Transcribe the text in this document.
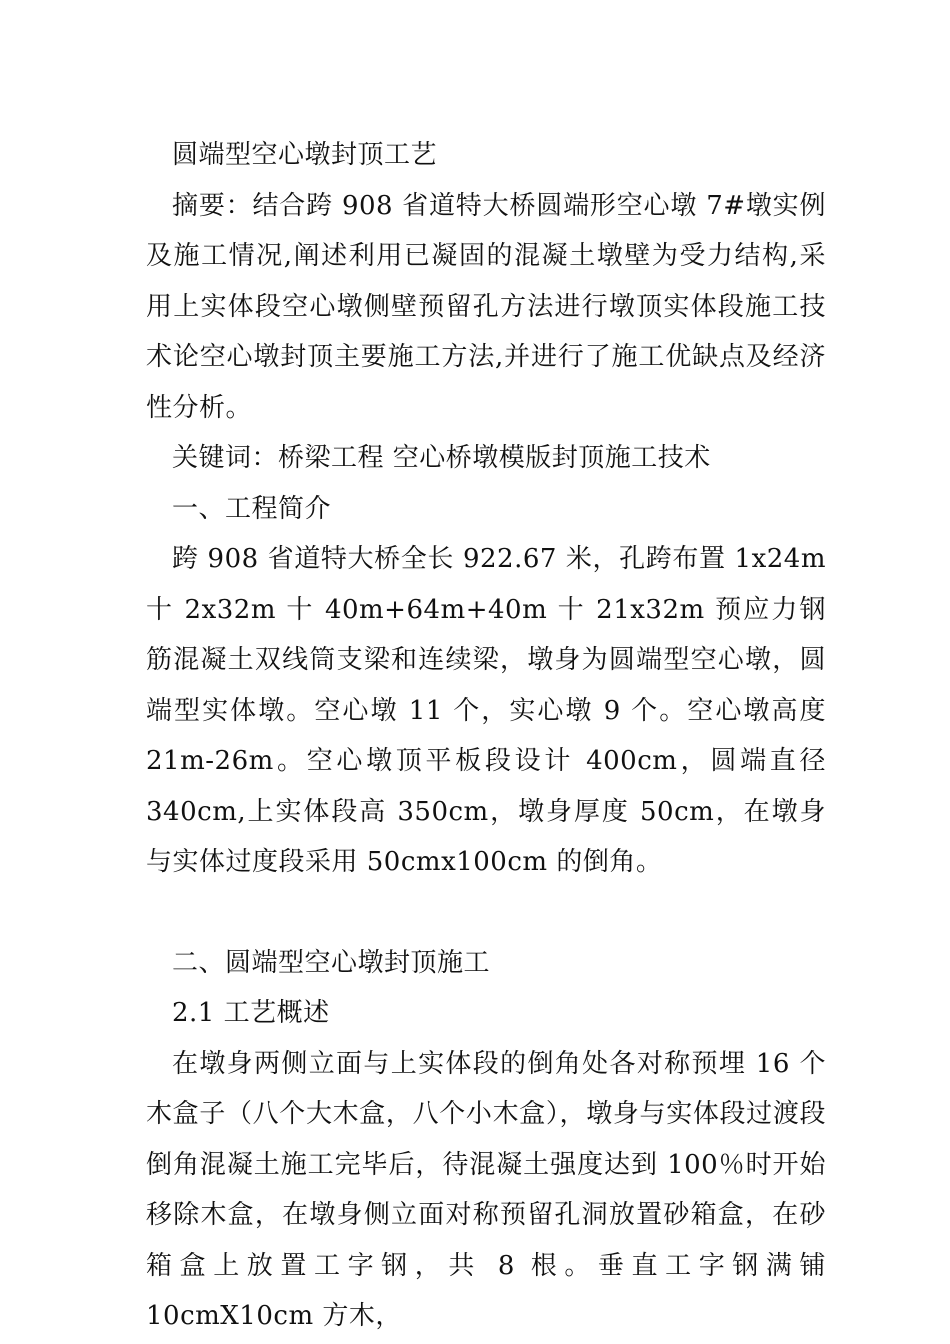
圆端型空心墩封顶工艺

摘要：结合跨 908 省道特大桥圆端形空心墩 7#墩实例及施工情况,阐述利用已凝固的混凝土墩壁为受力结构,采用上实体段空心墩侧壁预留孔方法进行墩顶实体段施工技术论空心墩封顶主要施工方法,并进行了施工优缺点及经济性分析。

关键词：桥梁工程 空心桥墩模版封顶施工技术

一、工程简介

跨 908 省道特大桥全长 922.67 米，孔跨布置 1x24m 十 2x32m 十 40m+64m+40m 十 21x32m 预应力钢筋混凝土双线筒支梁和连续梁，墩身为圆端型空心墩，圆端型实体墩。空心墩 11 个，实心墩 9 个。空心墩高度 21m-26m。空心墩顶平板段设计 400cm，圆端直径 340cm,上实体段高 350cm，墩身厚度 50cm，在墩身与实体过度段采用 50cmx100cm 的倒角。

二、圆端型空心墩封顶施工

2.1 工艺概述

在墩身两侧立面与上实体段的倒角处各对称预埋 16 个木盒子（八个大木盒，八个小木盒），墩身与实体段过渡段倒角混凝土施工完毕后，待混凝土强度达到 100％时开始移除木盒，在墩身侧立面对称预留孔洞放置砂箱盒，在砂箱盒上放置工字钢，共 8 根。垂直工字钢满铺 10cmX10cm 方木，
